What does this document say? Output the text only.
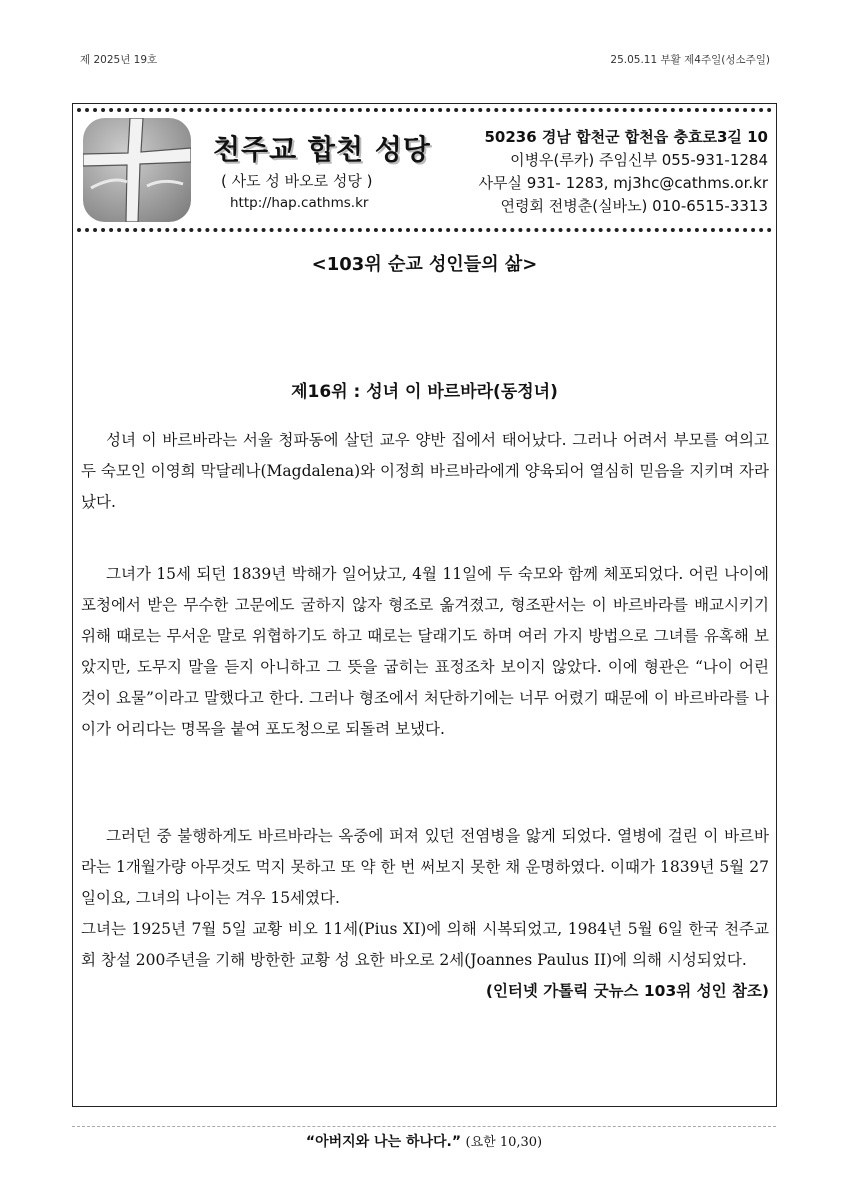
제 2025년 19호	25.05.11 부활 제4주일(성소주일)
천주교 합천 성당
( 사도 성 바오로 성당 )
http://hap.cathms.kr
50236 경남 합천군 합천읍 충효로3길 10
이병우(루카) 주임신부 055-931-1284
사무실 931- 1283, mj3hc@cathms.or.kr
연령회 전병춘(실바노) 010-6515-3313
<103위 순교 성인들의 삶>
제16위 : 성녀 이 바르바라(동정녀)

성녀 이 바르바라는 서울 청파동에 살던 교우 양반 집에서 태어났다. 그러나 어려서 부모를 여의고 두 숙모인 이영희 막달레나(Magdalena)와 이정희 바르바라에게 양육되어 열심히 믿음을 지키며 자라났다.

그녀가 15세 되던 1839년 박해가 일어났고, 4월 11일에 두 숙모와 함께 체포되었다. 어린 나이에 포청에서 받은 무수한 고문에도 굴하지 않자 형조로 옮겨졌고, 형조판서는 이 바르바라를 배교시키기 위해 때로는 무서운 말로 위협하기도 하고 때로는 달래기도 하며 여러 가지 방법으로 그녀를 유혹해 보았지만, 도무지 말을 듣지 아니하고 그 뜻을 굽히는 표정조차 보이지 않았다. 이에 형관은 “나이 어린 것이 요물”이라고 말했다고 한다. 그러나 형조에서 처단하기에는 너무 어렸기 때문에 이 바르바라를 나이가 어리다는 명목을 붙여 포도청으로 되돌려 보냈다.

그러던 중 불행하게도 바르바라는 옥중에 퍼져 있던 전염병을 앓게 되었다. 열병에 걸린 이 바르바라는 1개월가량 아무것도 먹지 못하고 또 약 한 번 써보지 못한 채 운명하였다. 이때가 1839년 5월 27일이요, 그녀의 나이는 겨우 15세였다.

그녀는 1925년 7월 5일 교황 비오 11세(Pius XI)에 의해 시복되었고, 1984년 5월 6일 한국 천주교회 창설 200주년을 기해 방한한 교황 성 요한 바오로 2세(Joannes Paulus II)에 의해 시성되었다.

(인터넷 가톨릭 굿뉴스 103위 성인 참조)
“아버지와 나는 하나다.” (요한 10,30)
